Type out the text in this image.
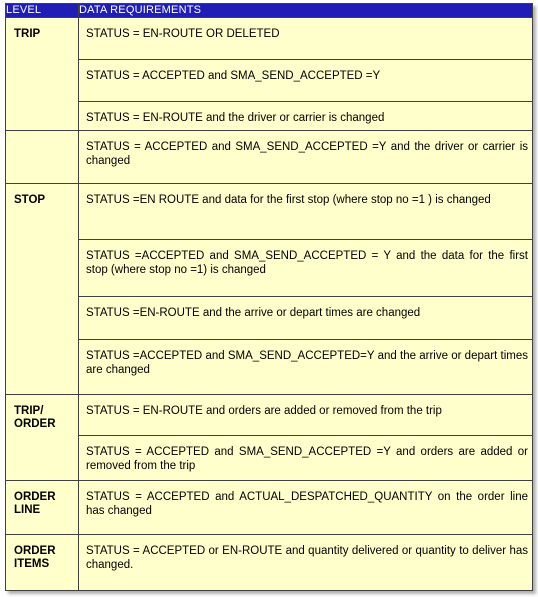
LEVEL	DATA REQUIREMENTS
TRIP	STATUS = EN-ROUTE OR DELETED
	STATUS = ACCEPTED and SMA_SEND_ACCEPTED =Y
	STATUS = EN-ROUTE and the driver or carrier is changed
	STATUS = ACCEPTED and SMA_SEND_ACCEPTED =Y and the driver or carrier is changed
STOP	STATUS =EN ROUTE and data for the first stop (where stop no =1 ) is changed
	STATUS =ACCEPTED and SMA_SEND_ACCEPTED = Y and the data for the first stop (where stop no =1) is changed
	STATUS =EN-ROUTE and the arrive or depart times are changed
	STATUS =ACCEPTED and SMA_SEND_ACCEPTED=Y and the arrive or depart times are changed
TRIP/ ORDER	STATUS = EN-ROUTE and orders are added or removed from the trip
	STATUS = ACCEPTED and SMA_SEND_ACCEPTED =Y and orders are added or removed from the trip
ORDER LINE	STATUS = ACCEPTED and ACTUAL_DESPATCHED_QUANTITY on the order line has changed
ORDER ITEMS	STATUS = ACCEPTED or EN-ROUTE and quantity delivered or quantity to deliver has changed.
